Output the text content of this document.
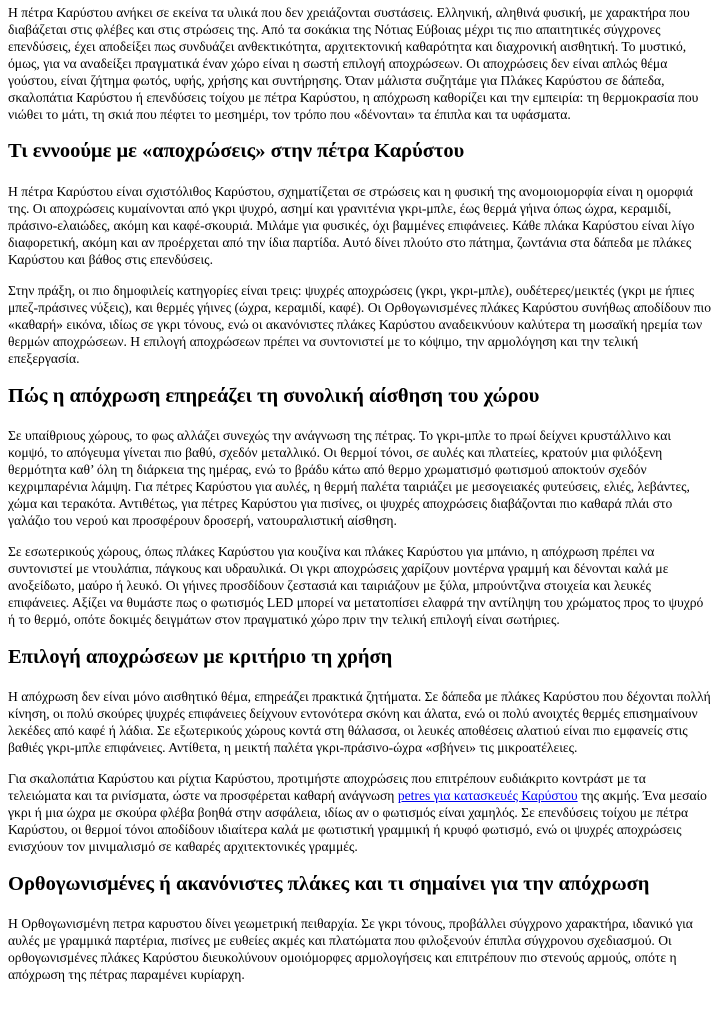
Η πέτρα Καρύστου ανήκει σε εκείνα τα υλικά που δεν χρειάζονται συστάσεις. Ελληνική, αληθινά φυσική, με χαρακτήρα που διαβάζεται στις φλέβες και στις στρώσεις της. Από τα σοκάκια της Νότιας Εύβοιας μέχρι τις πιο απαιτητικές σύγχρονες επενδύσεις, έχει αποδείξει πως συνδυάζει ανθεκτικότητα, αρχιτεκτονική καθαρότητα και διαχρονική αισθητική. Το μυστικό, όμως, για να αναδείξει πραγματικά έναν χώρο είναι η σωστή επιλογή αποχρώσεων. Οι αποχρώσεις δεν είναι απλώς θέμα γούστου, είναι ζήτημα φωτός, υφής, χρήσης και συντήρησης. Όταν μάλιστα συζητάμε για Πλάκες Καρύστου σε δάπεδα, σκαλοπάτια Καρύστου ή επενδύσεις τοίχου με πέτρα Καρύστου, η απόχρωση καθορίζει και την εμπειρία: τη θερμοκρασία που νιώθει το μάτι, τη σκιά που πέφτει το μεσημέρι, τον τρόπο που «δένονται» τα έπιπλα και τα υφάσματα.

Τι εννοούμε με «αποχρώσεις» στην πέτρα Καρύστου

Η πέτρα Καρύστου είναι σχιστόλιθος Καρύστου, σχηματίζεται σε στρώσεις και η φυσική της ανομοιομορφία είναι η ομορφιά της. Οι αποχρώσεις κυμαίνονται από γκρι ψυχρό, ασημί και γρανιτένια γκρι-μπλε, έως θερμά γήινα όπως ώχρα, κεραμιδί, πράσινο-ελαιώδες, ακόμη και καφέ-σκουριά. Μιλάμε για φυσικές, όχι βαμμένες επιφάνειες. Κάθε πλάκα Καρύστου είναι λίγο διαφορετική, ακόμη και αν προέρχεται από την ίδια παρτίδα. Αυτό δίνει πλούτο στο πάτημα, ζωντάνια στα δάπεδα με πλάκες Καρύστου και βάθος στις επενδύσεις.

Στην πράξη, οι πιο δημοφιλείς κατηγορίες είναι τρεις: ψυχρές αποχρώσεις (γκρι, γκρι-μπλε), ουδέτερες/μεικτές (γκρι με ήπιες μπεζ-πράσινες νύξεις), και θερμές γήινες (ώχρα, κεραμιδί, καφέ). Οι Ορθογωνισμένες πλάκες Καρύστου συνήθως αποδίδουν πιο «καθαρή» εικόνα, ιδίως σε γκρι τόνους, ενώ οι ακανόνιστες πλάκες Καρύστου αναδεικνύουν καλύτερα τη μωσαϊκή ηρεμία των θερμών αποχρώσεων. Η επιλογή αποχρώσεων πρέπει να συντονιστεί με το κόψιμο, την αρμολόγηση και την τελική επεξεργασία.

Πώς η απόχρωση επηρεάζει τη συνολική αίσθηση του χώρου

Σε υπαίθριους χώρους, το φως αλλάζει συνεχώς την ανάγνωση της πέτρας. Το γκρι-μπλε το πρωί δείχνει κρυστάλλινο και κομψό, το απόγευμα γίνεται πιο βαθύ, σχεδόν μεταλλικό. Οι θερμοί τόνοι, σε αυλές και πλατείες, κρατούν μια φιλόξενη θερμότητα καθ’ όλη τη διάρκεια της ημέρας, ενώ το βράδυ κάτω από θερμο χρωματισμό φωτισμού αποκτούν σχεδόν κεχριμπαρένια λάμψη. Για πέτρες Καρύστου για αυλές, η θερμή παλέτα ταιριάζει με μεσογειακές φυτεύσεις, ελιές, λεβάντες, χώμα και τερακότα. Αντιθέτως, για πέτρες Καρύστου για πισίνες, οι ψυχρές αποχρώσεις διαβάζονται πιο καθαρά πλάι στο γαλάζιο του νερού και προσφέρουν δροσερή, νατουραλιστική αίσθηση.

Σε εσωτερικούς χώρους, όπως πλάκες Καρύστου για κουζίνα και πλάκες Καρύστου για μπάνιο, η απόχρωση πρέπει να συντονιστεί με ντουλάπια, πάγκους και υδραυλικά. Οι γκρι αποχρώσεις χαρίζουν μοντέρνα γραμμή και δένονται καλά με ανοξείδωτο, μαύρο ή λευκό. Οι γήινες προσδίδουν ζεστασιά και ταιριάζουν με ξύλα, μπρούντζινα στοιχεία και λευκές επιφάνειες. Αξίζει να θυμάστε πως ο φωτισμός LED μπορεί να μετατοπίσει ελαφρά την αντίληψη του χρώματος προς το ψυχρό ή το θερμό, οπότε δοκιμές δειγμάτων στον πραγματικό χώρο πριν την τελική επιλογή είναι σωτήριες.

Επιλογή αποχρώσεων με κριτήριο τη χρήση

Η απόχρωση δεν είναι μόνο αισθητικό θέμα, επηρεάζει πρακτικά ζητήματα. Σε δάπεδα με πλάκες Καρύστου που δέχονται πολλή κίνηση, οι πολύ σκούρες ψυχρές επιφάνειες δείχνουν εντονότερα σκόνη και άλατα, ενώ οι πολύ ανοιχτές θερμές επισημαίνουν λεκέδες από καφέ ή λάδια. Σε εξωτερικούς χώρους κοντά στη θάλασσα, οι λευκές αποθέσεις αλατιού είναι πιο εμφανείς στις βαθιές γκρι-μπλε επιφάνειες. Αντίθετα, η μεικτή παλέτα γκρι-πράσινο-ώχρα «σβήνει» τις μικροατέλειες.

Για σκαλοπάτια Καρύστου και ρίχτια Καρύστου, προτιμήστε αποχρώσεις που επιτρέπουν ευδιάκριτο κοντράστ με τα τελειώματα και τα ρινίσματα, ώστε να προσφέρεται καθαρή ανάγνωση petres για κατασκευές Καρύστου της ακμής. Ένα μεσαίο γκρι ή μια ώχρα με σκούρα φλέβα βοηθά στην ασφάλεια, ιδίως αν ο φωτισμός είναι χαμηλός. Σε επενδύσεις τοίχου με πέτρα Καρύστου, οι θερμοί τόνοι αποδίδουν ιδιαίτερα καλά με φωτιστική γραμμική ή κρυφό φωτισμό, ενώ οι ψυχρές αποχρώσεις ενισχύουν τον μινιμαλισμό σε καθαρές αρχιτεκτονικές γραμμές.

Ορθογωνισμένες ή ακανόνιστες πλάκες και τι σημαίνει για την απόχρωση

Η Ορθογωνισμένη πετρα καρυστου δίνει γεωμετρική πειθαρχία. Σε γκρι τόνους, προβάλλει σύγχρονο χαρακτήρα, ιδανικό για αυλές με γραμμικά παρτέρια, πισίνες με ευθείες ακμές και πλατώματα που φιλοξενούν έπιπλα σύγχρονου σχεδιασμού. Οι ορθογωνισμένες πλάκες Καρύστου διευκολύνουν ομοιόμορφες αρμολογήσεις και επιτρέπουν πιο στενούς αρμούς, οπότε η απόχρωση της πέτρας παραμένει κυρίαρχη.
